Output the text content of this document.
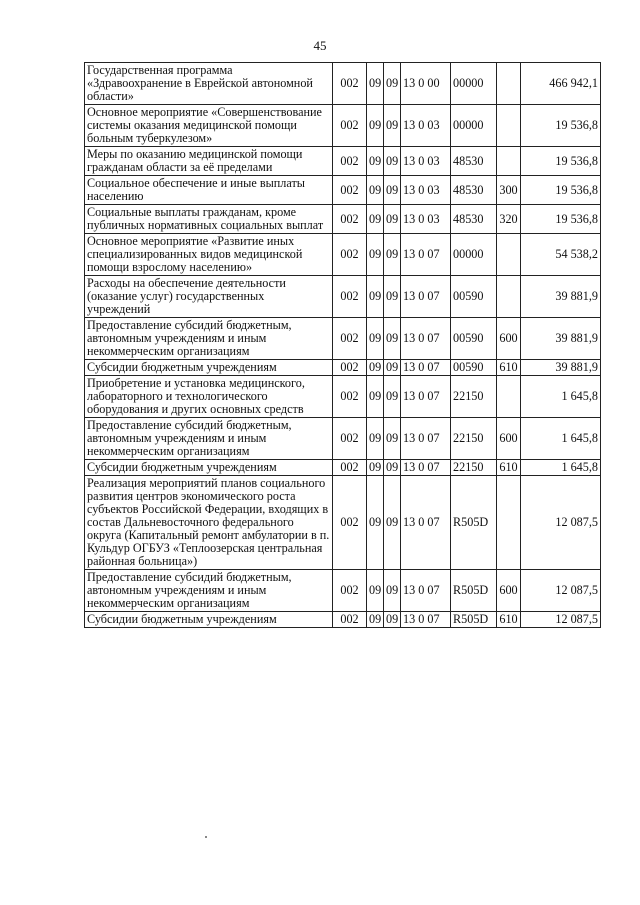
45
Государственная программа «Здравоохранение в Еврейской автономной области»	002	09	09	13 0 00	00000		466 942,1
Основное мероприятие «Совершенствование системы оказания медицинской помощи больным туберкулезом»	002	09	09	13 0 03	00000		19 536,8
Меры по оказанию медицинской помощи гражданам области за её пределами	002	09	09	13 0 03	48530		19 536,8
Социальное обеспечение и иные выплаты населению	002	09	09	13 0 03	48530	300	19 536,8
Социальные выплаты гражданам, кроме публичных нормативных социальных выплат	002	09	09	13 0 03	48530	320	19 536,8
Основное мероприятие «Развитие иных специализированных видов медицинской помощи взрослому населению»	002	09	09	13 0 07	00000		54 538,2
Расходы на обеспечение деятельности (оказание услуг) государственных учреждений	002	09	09	13 0 07	00590		39 881,9
Предоставление субсидий бюджетным, автономным учреждениям и иным некоммерческим организациям	002	09	09	13 0 07	00590	600	39 881,9
Субсидии бюджетным учреждениям	002	09	09	13 0 07	00590	610	39 881,9
Приобретение и установка медицинского, лабораторного и технологического оборудования и других основных средств	002	09	09	13 0 07	22150		1 645,8
Предоставление субсидий бюджетным, автономным учреждениям и иным некоммерческим организациям	002	09	09	13 0 07	22150	600	1 645,8
Субсидии бюджетным учреждениям	002	09	09	13 0 07	22150	610	1 645,8
Реализация мероприятий планов социального развития центров экономического роста субъектов Российской Федерации, входящих в состав Дальневосточного федерального округа (Капитальный ремонт амбулатории в п. Кульдур ОГБУЗ «Теплоозерская центральная районная больница»)	002	09	09	13 0 07	R505D		12 087,5
Предоставление субсидий бюджетным, автономным учреждениям и иным некоммерческим организациям	002	09	09	13 0 07	R505D	600	12 087,5
Субсидии бюджетным учреждениям	002	09	09	13 0 07	R505D	610	12 087,5
